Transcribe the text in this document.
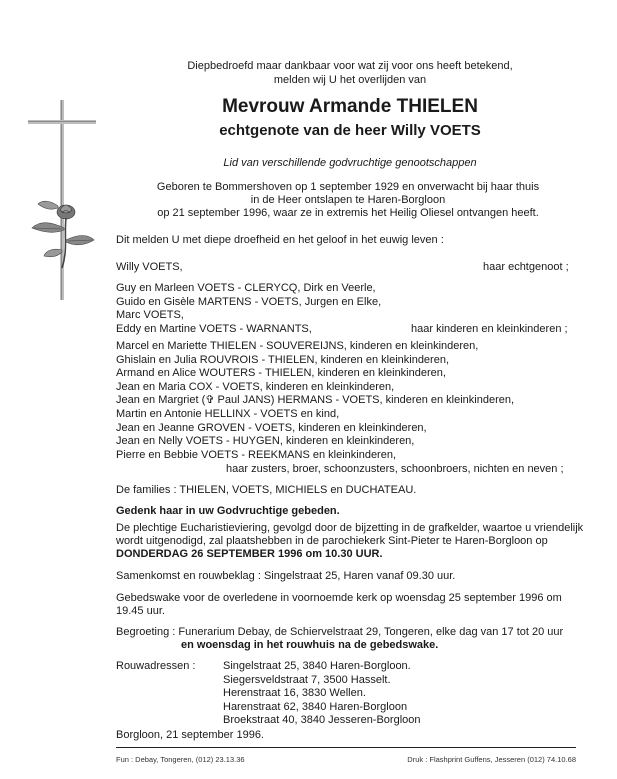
Diepbedroefd maar dankbaar voor wat zij voor ons heeft betekend,
melden wij U het overlijden van
Mevrouw Armande THIELEN
echtgenote van de heer Willy VOETS
Lid van verschillende godvruchtige genootschappen
Geboren te Bommershoven op 1 september 1929 en onverwacht bij haar thuis
in de Heer ontslapen te Haren-Borgloon
op 21 september 1996, waar ze in extremis het Heilig Oliesel ontvangen heeft.
Dit melden U met diepe droefheid en het geloof in het euwig leven :
Willy VOETS,	haar echtgenoot ;
Guy en Marleen VOETS - CLERYCQ, Dirk en Veerle,
Guido en Gisèle MARTENS - VOETS, Jurgen en Elke,
Marc VOETS,
Eddy en Martine VOETS - WARNANTS,	haar kinderen en kleinkinderen ;
Marcel en Mariette THIELEN - SOUVEREIJNS, kinderen en kleinkinderen,
Ghislain en Julia ROUVROIS - THIELEN, kinderen en kleinkinderen,
Armand en Alice WOUTERS - THIELEN, kinderen en kleinkinderen,
Jean en Maria COX - VOETS, kinderen en kleinkinderen,
Jean en Margriet (✞ Paul JANS) HERMANS - VOETS, kinderen en kleinkinderen,
Martin en Antonie HELLINX - VOETS en kind,
Jean en Jeanne GROVEN - VOETS, kinderen en kleinkinderen,
Jean en Nelly VOETS - HUYGEN, kinderen en kleinkinderen,
Pierre en Bebbie VOETS - REEKMANS en kleinkinderen,
haar zusters, broer, schoonzusters, schoonbroers, nichten en neven ;
De families : THIELEN, VOETS, MICHIELS en DUCHATEAU.
Gedenk haar in uw Godvruchtige gebeden.
De plechtige Eucharistieviering, gevolgd door de bijzetting in de grafkelder, waartoe u vriendelijk
wordt uitgenodigd, zal plaatshebben in de parochiekerk Sint-Pieter te Haren-Borgloon op
DONDERDAG 26 SEPTEMBER 1996 om 10.30 UUR.
Samenkomst en rouwbeklag : Singelstraat 25, Haren vanaf 09.30 uur.
Gebedswake voor de overledene in voornoemde kerk op woensdag 25 september 1996 om
19.45 uur.
Begroeting : Funerarium Debay, de Schiervelstraat 29, Tongeren, elke dag van 17 tot 20 uur
en woensdag in het rouwhuis na de gebedswake.
Rouwadressen :	Singelstraat 25, 3840 Haren-Borgloon.
Siegersveldstraat 7, 3500 Hasselt.
Herenstraat 16, 3830 Wellen.
Harenstraat 62, 3840 Haren-Borgloon
Broekstraat 40, 3840 Jesseren-Borgloon
Borgloon, 21 september 1996.
Fun : Debay, Tongeren, (012) 23.13.36	Druk : Flashprint Guffens, Jesseren (012) 74.10.68
